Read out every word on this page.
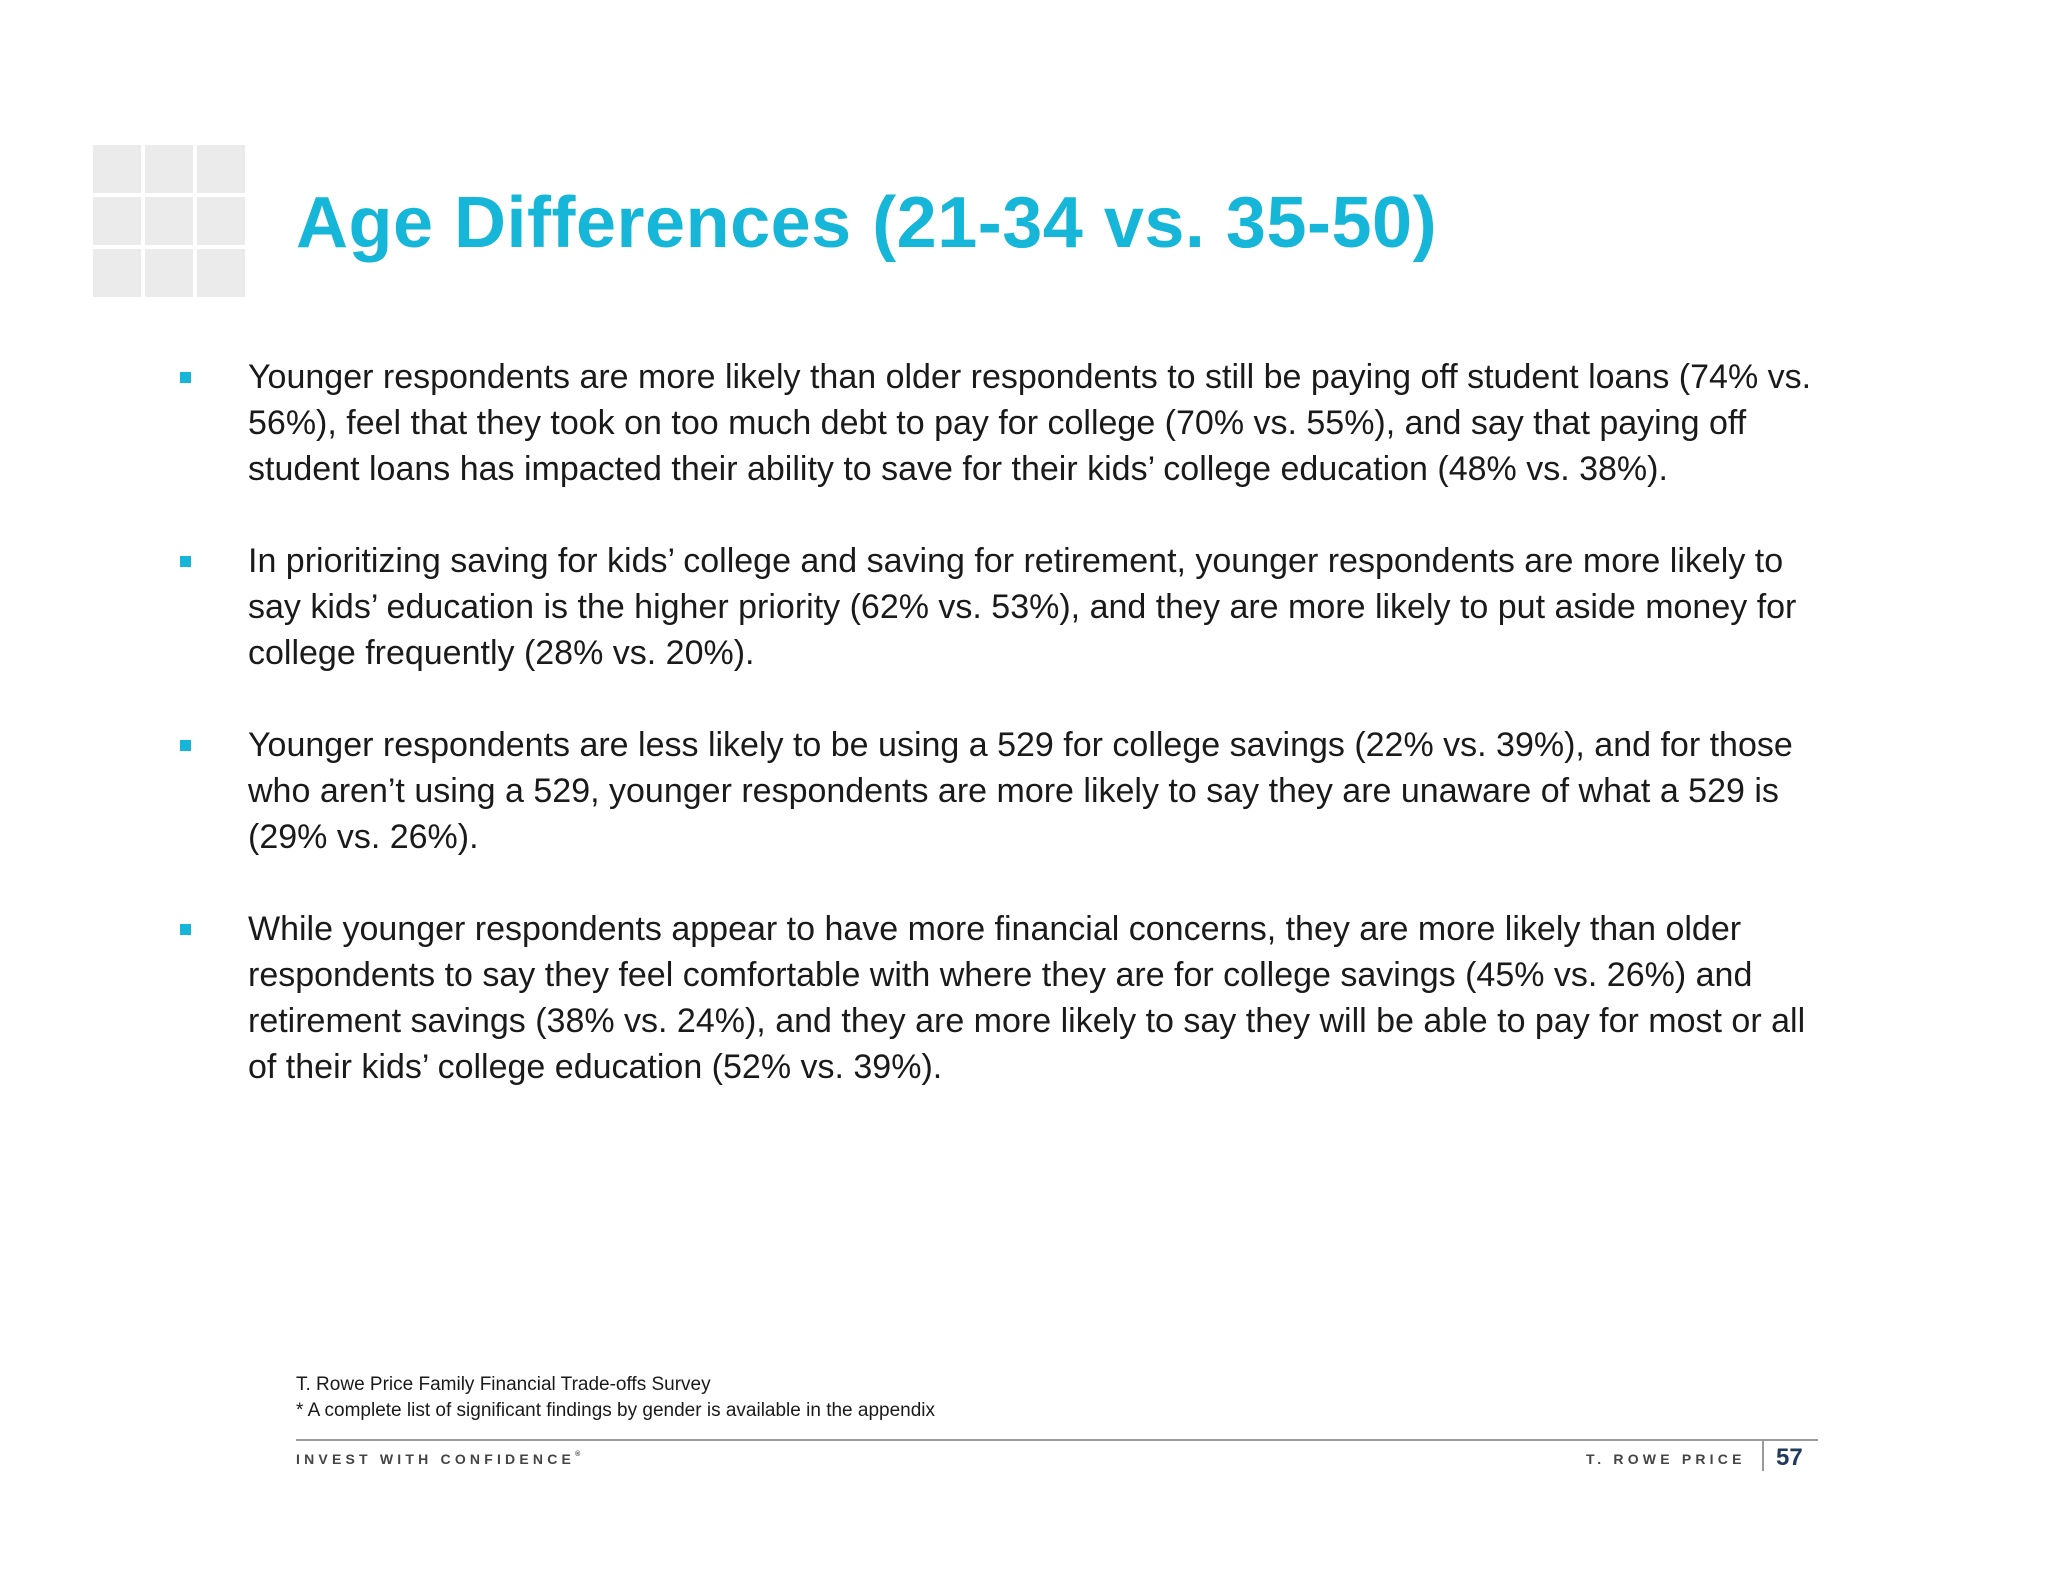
Age Differences (21-34 vs. 35-50)
Younger respondents are more likely than older respondents to still be paying off student loans (74% vs. 56%), feel that they took on too much debt to pay for college (70% vs. 55%), and say that paying off student loans has impacted their ability to save for their kids’ college education (48% vs. 38%).
In prioritizing saving for kids’ college and saving for retirement, younger respondents are more likely to say kids’ education is the higher priority (62% vs. 53%), and they are more likely to put aside money for college frequently (28% vs. 20%).
Younger respondents are less likely to be using a 529 for college savings (22% vs. 39%), and for those who aren’t using a 529, younger respondents are more likely to say they are unaware of what a 529 is (29% vs. 26%).
While younger respondents appear to have more financial concerns, they are more likely than older respondents to say they feel comfortable with where they are for college savings (45% vs. 26%) and retirement savings (38% vs. 24%), and they are more likely to say they will be able to pay for most or all of their kids’ college education (52% vs. 39%).
T. Rowe Price Family Financial Trade-offs Survey
* A complete list of significant findings by gender is available in the appendix
INVEST WITH CONFIDENCE®	T. ROWE PRICE 57
